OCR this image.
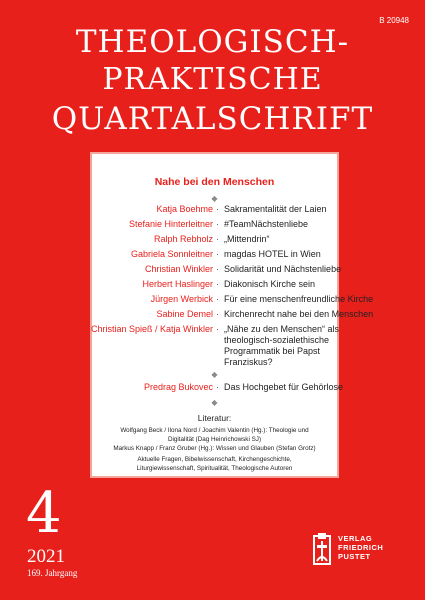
B 20948
THEOLOGISCH-
PRAKTISCHE
QUARTALSCHRIFT
Nahe bei den Menschen
◆
Katja Boehme · Sakramentalität der Laien
Stefanie Hinterleitner · #TeamNächstenliebe
Ralph Rebholz · „Mittendrin“
Gabriela Sonnleitner · magdas HOTEL in Wien
Christian Winkler · Solidarität und Nächstenliebe
Herbert Haslinger · Diakonisch Kirche sein
Jürgen Werbick · Für eine menschenfreundliche Kirche
Sabine Demel · Kirchenrecht nahe bei den Menschen
Christian Spieß / Katja Winkler · „Nähe zu den Menschen“ als theologisch-sozialethische Programmatik bei Papst Franziskus?
◆
Predrag Bukovec · Das Hochgebet für Gehörlose
◆
Literatur:
Wolfgang Beck / Ilona Nord / Joachim Valentin (Hg.): Theologie und
Digitalität (Dag Heinrichowski SJ)
Markus Knapp / Franz Gruber (Hg.): Wissen und Glauben (Stefan Grotz)
Aktuelle Fragen, Bibelwissenschaft, Kirchengeschichte,
Liturgiewissenschaft, Spiritualität, Theologische Autoren
4
2021
169. Jahrgang
VERLAG
FRIEDRICH
PUSTET
